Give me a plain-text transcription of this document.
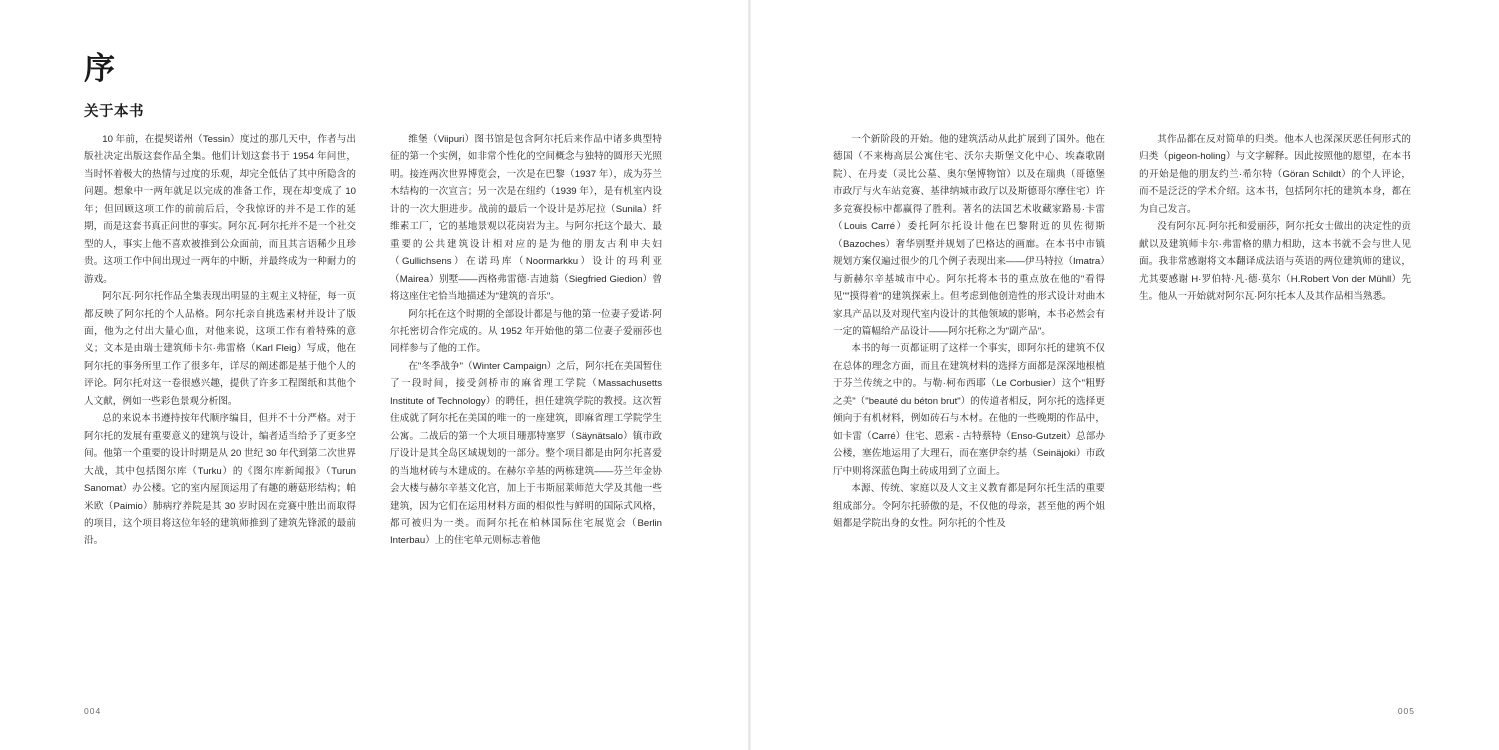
序
关于本书

10 年前，在提契诺州（Tessin）度过的那几天中，作者与出版社决定出版这套作品全集。他们计划这套书于 1954 年问世，当时怀着极大的热情与过度的乐观，却完全低估了其中所隐含的问题。想象中一两年就足以完成的准备工作，现在却变成了 10 年；但回顾这项工作的前前后后，令我惊讶的并不是工作的延期，而是这套书真正问世的事实。阿尔瓦·阿尔托并不是一个社交型的人，事实上他不喜欢被推到公众面前，而且其言语稀少且珍贵。这项工作中间出现过一两年的中断，并最终成为一种耐力的游戏。

阿尔瓦·阿尔托作品全集表现出明显的主观主义特征，每一页都反映了阿尔托的个人品格。阿尔托亲自挑选素材并设计了版面，他为之付出大量心血，对他来说，这项工作有着特殊的意义；文本是由瑞士建筑师卡尔·弗雷格（Karl Fleig）写成，他在阿尔托的事务所里工作了很多年，详尽的阐述都是基于他个人的评论。阿尔托对这一卷很感兴趣，提供了许多工程图纸和其他个人文献，例如一些彩色景观分析图。

总的来说本书遵持按年代顺序编目，但并不十分严格。对于阿尔托的发展有重要意义的建筑与设计，编者适当给予了更多空间。他第一个重要的设计时期是从 20 世纪 30 年代到第二次世界大战，其中包括图尔库（Turku）的《图尔库新闻报》（Turun Sanomat）办公楼。它的室内屋顶运用了有趣的蘑菇形结构；帕米欧（Paimio）肺病疗养院是其 30 岁时因在竞赛中胜出而取得的项目，这个项目将这位年轻的建筑师推到了建筑先锋派的最前沿。

维堡（Viipuri）图书馆是包含阿尔托后来作品中诸多典型特征的第一个实例，如非常个性化的空间概念与独特的圆形天光照明。接连两次世界博览会，一次是在巴黎（1937 年），成为芬兰木结构的一次宣言；另一次是在纽约（1939 年），是有机室内设计的一次大胆进步。战前的最后一个设计是苏尼拉（Sunila）纤维素工厂，它的基地景观以花岗岩为主。与阿尔托这个最大、最重要的公共建筑设计相对应的是为他的朋友古利申夫妇（Gullichsens）在诺玛库（Noormarkku）设计的玛利亚（Mairea）别墅——西格弗雷德·吉迪翁（Siegfried Giedion）曾将这座住宅恰当地描述为"建筑的音乐"。

阿尔托在这个时期的全部设计都是与他的第一位妻子爱诺·阿尔托密切合作完成的。从 1952 年开始他的第二位妻子爱丽莎也同样参与了他的工作。

在"冬季战争"（Winter Campaign）之后，阿尔托在美国暂住了一段时间，接受剑桥市的麻省理工学院（Massachusetts Institute of Technology）的聘任，担任建筑学院的教授。这次暂住成就了阿尔托在美国的唯一的一座建筑，即麻省理工学院学生公寓。二战后的第一个大项目珊那特塞罗（Säynätsalo）镇市政厅设计是其全岛区域规划的一部分。整个项目都是由阿尔托喜爱的当地材砖与木建成的。在赫尔辛基的两栋建筑——芬兰年金协会大楼与赫尔辛基文化宫，加上于韦斯屈莱师范大学及其他一些建筑，因为它们在运用材料方面的相似性与鲜明的国际式风格，都可被归为一类。而阿尔托在柏林国际住宅展览会（Berlin Interbau）上的住宅单元则标志着他

004

一个新阶段的开始。他的建筑活动从此扩展到了国外。他在德国（不来梅高层公寓住宅、沃尔夫斯堡文化中心、埃森歌剧院）、在丹麦（灵比公墓、奥尔堡博物馆）以及在瑞典（哥德堡市政厅与火车站竞赛、基律纳城市政厅以及斯德哥尔摩住宅）许多竞赛投标中都赢得了胜利。著名的法国艺术收藏家路易·卡雷（Louis Carré）委托阿尔托设计他在巴黎附近的贝佐彻斯（Bazoches）奢华别墅并规划了巴格达的画廊。在本书中市镇规划方案仅遍过很少的几个例子表现出来——伊马特拉（Imatra）与新赫尔辛基城市中心。阿尔托将本书的重点放在他的"看得见""摸得着"的建筑探索上。但考虑到他创造性的形式设计对曲木家具产品以及对现代室内设计的其他领域的影响，本书必然会有一定的篇幅给产品设计——阿尔托称之为"副产品"。

本书的每一页都证明了这样一个事实，即阿尔托的建筑不仅在总体的理念方面，而且在建筑材料的选择方面都是深深地根植于芬兰传统之中的。与勒·柯布西耶（Le Corbusier）这个"粗野之美"（"beauté du béton brut"）的传道者相反，阿尔托的选择更倾向于有机材料，例如砖石与木材。在他的一些晚期的作品中，如卡雷（Carré）住宅、恩索 - 古特蔡特（Enso-Gutzeit）总部办公楼，塞佐地运用了大理石，而在塞伊奈约基（Seinäjoki）市政厅中则将深蓝色陶土砖成用到了立面上。

本源、传统、家庭以及人文主义教育都是阿尔托生活的重要组成部分。令阿尔托骄傲的是，不仅他的母亲，甚至他的两个姐姐都是学院出身的女性。阿尔托的个性及

其作品都在反对简单的归类。他本人也深深厌恶任何形式的归类（pigeon-holing）与文字解释。因此按照他的愿望，在本书的开始是他的朋友约兰·希尔特（Göran Schildt）的个人评论，而不是泛泛的学术介绍。这本书，包括阿尔托的建筑本身，都在为自己发言。

没有阿尔瓦·阿尔托和爱丽莎，阿尔托女士做出的决定性的贡献以及建筑师卡尔·弗雷格的鼎力相助，这本书就不会与世人见面。我非常感谢将文本翻译成法语与英语的两位建筑师的建议，尤其要感谢 H·罗伯特·凡·德·莫尔（H.Robert Von der Mühll）先生。他从一开始就对阿尔瓦·阿尔托本人及其作品相当熟悉。

005
